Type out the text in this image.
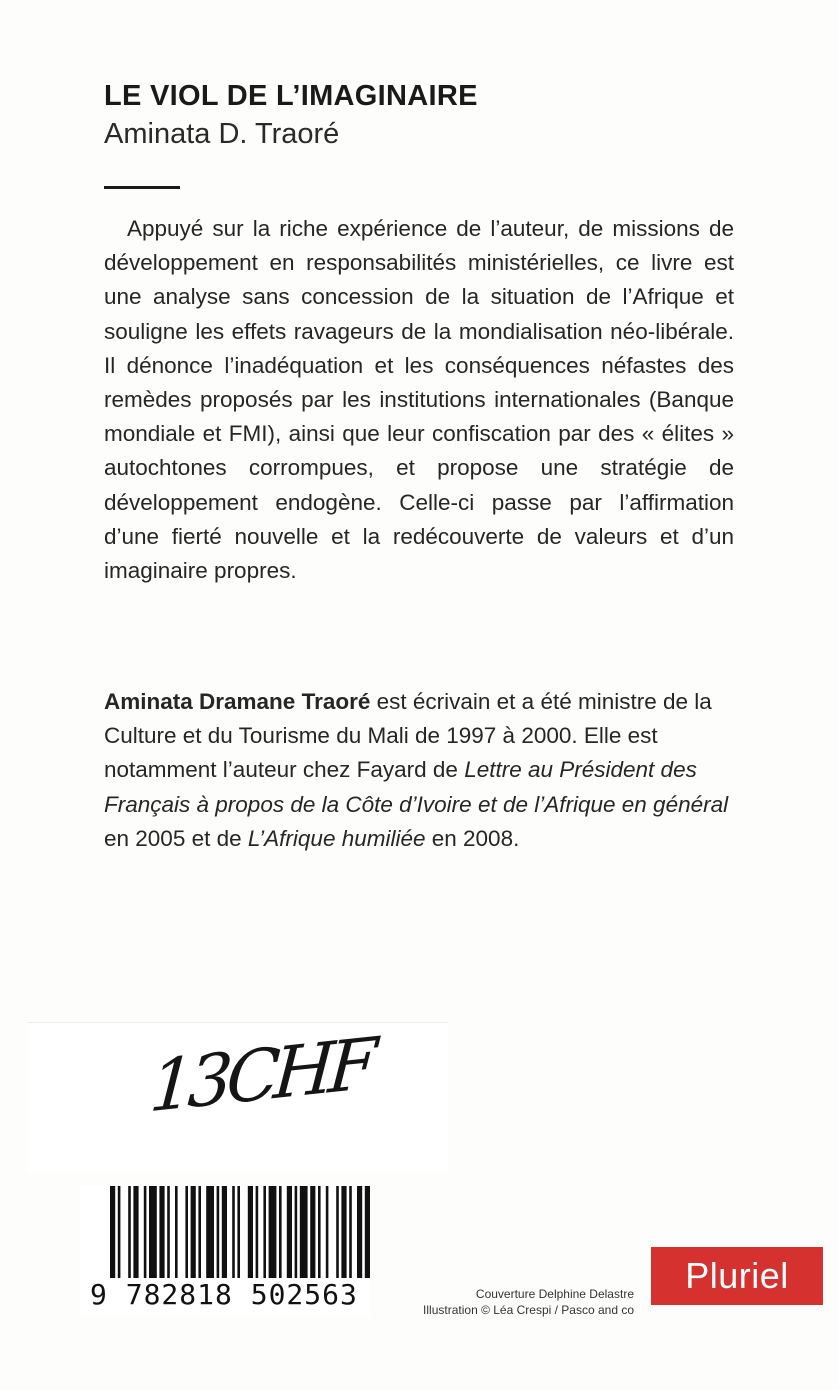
LE VIOL DE L’IMAGINAIRE
Aminata D. Traoré

Appuyé sur la riche expérience de l’auteur, de missions de développement en responsabilités ministérielles, ce livre est une analyse sans concession de la situation de l’Afrique et souligne les effets ravageurs de la mondialisation néo-libérale. Il dénonce l’inadéquation et les conséquences néfastes des remèdes proposés par les institutions internationales (Banque mondiale et FMI), ainsi que leur confiscation par des « élites » autochtones corrompues, et propose une stratégie de développement endogène. Celle-ci passe par l’affirmation d’une fierté nouvelle et la redécouverte de valeurs et d’un imaginaire propres.

Aminata Dramane Traoré est écrivain et a été ministre de la Culture et du Tourisme du Mali de 1997 à 2000. Elle est notamment l’auteur chez Fayard de Lettre au Président des Français à propos de la Côte d’Ivoire et de l’Afrique en général en 2005 et de L’Afrique humiliée en 2008.

13CHF
9 782818 502563	Couverture Delphine Delastre
Illustration © Léa Crespi / Pasco and co
Pluriel
